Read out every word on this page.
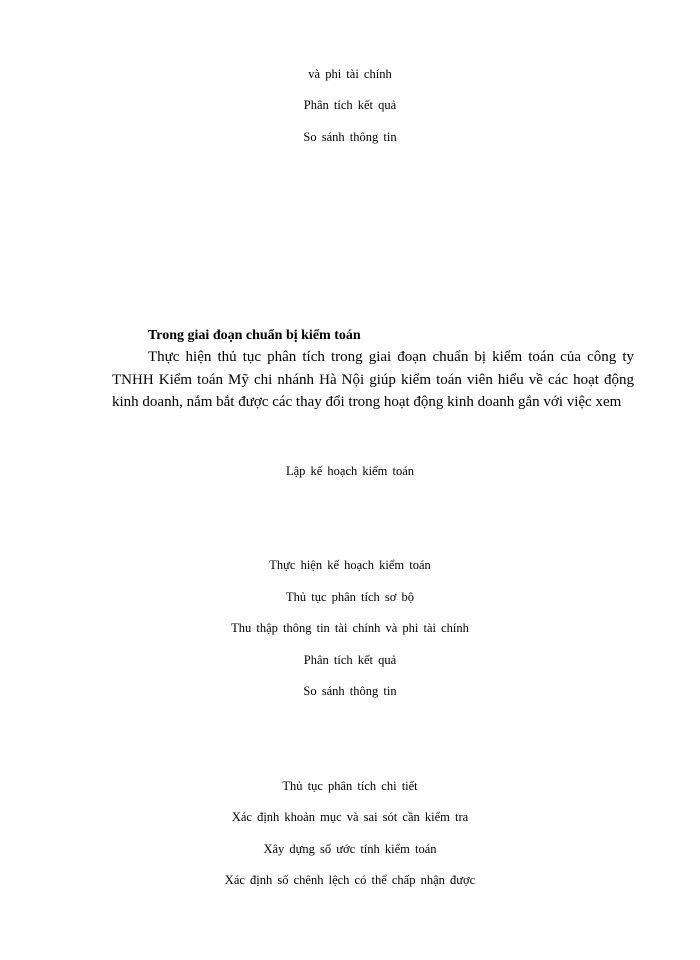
và phi tài chính
Phân tích kết quả
So sánh thông tin
Trong giai đoạn chuẩn bị kiểm toán
Thực hiện thủ tục phân tích trong giai đoạn chuẩn bị kiểm toán của công ty TNHH Kiểm toán Mỹ chi nhánh Hà Nội giúp kiểm toán viên hiểu về các hoạt động kinh doanh, nắm bắt được các thay đổi trong hoạt động kinh doanh gắn với việc xem
Lập kế hoạch kiểm toán
Thực hiện kế hoạch kiểm toán
Thủ tục phân tích sơ bộ
Thu thập thông tin tài chính và phi tài chính
Phân tích kết quả
So sánh thông tin
Thủ tục phân tích chi tiết
Xác định khoản mục và sai sót cần kiểm tra
Xây dựng số ước tính kiểm toán
Xác định số chênh lệch có thể chấp nhận được
